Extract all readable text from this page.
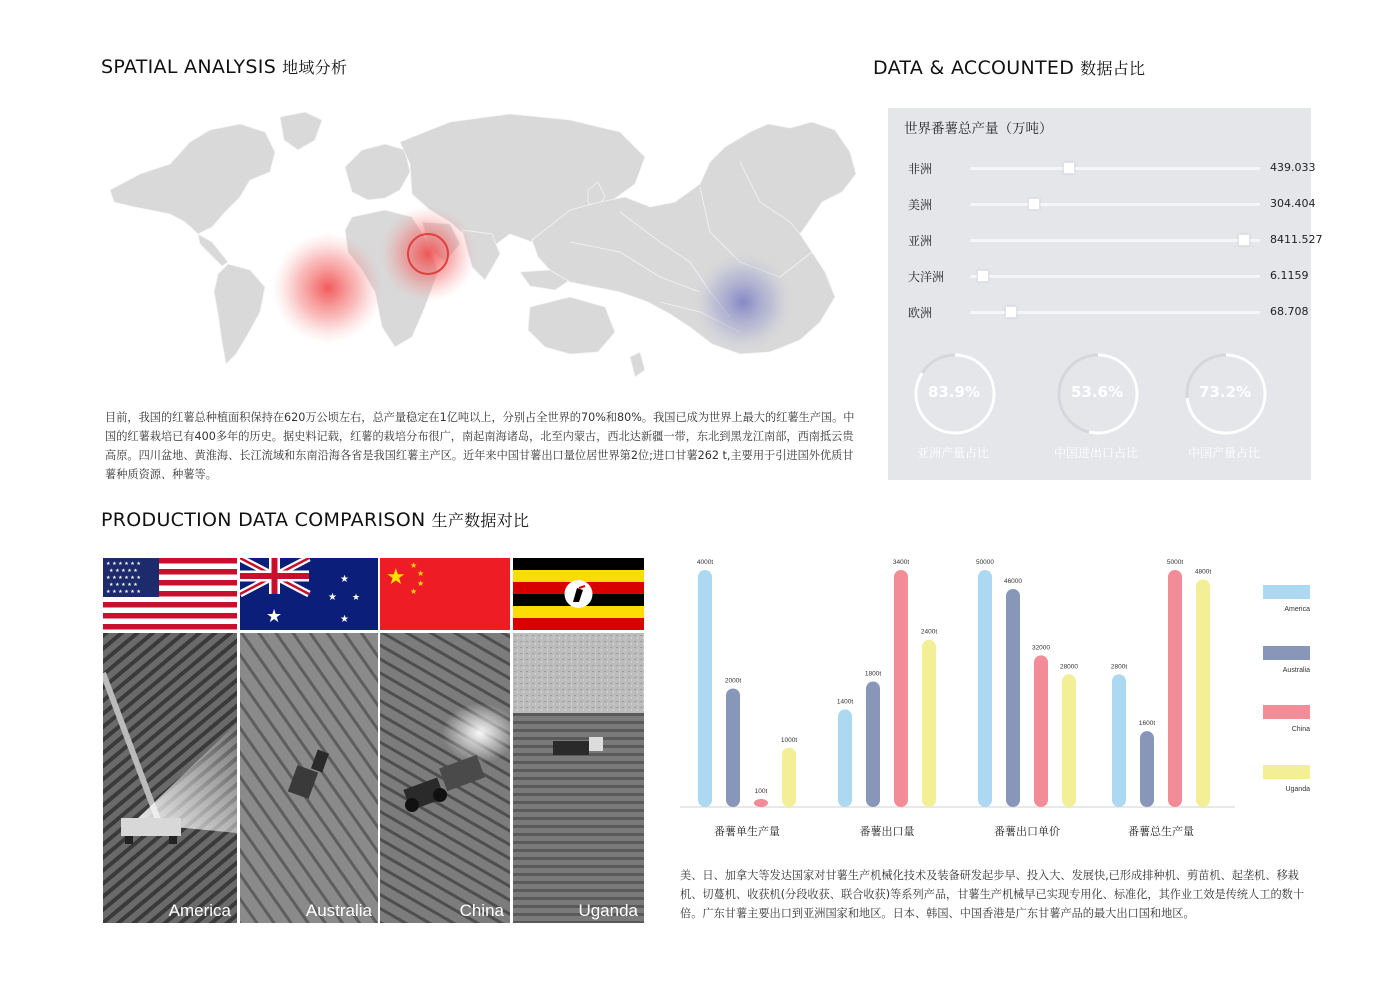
SPATIAL ANALYSIS 地域分析	DATA & ACCOUNTED 数据占比
PRODUCTION DATA COMPARISON 生产数据对比

目前，我国的红薯总种植面积保持在620万公顷左右，总产量稳定在1亿吨以上，分别占全世界的70%和80%。我国已成为世界上最大的红薯生产国。中国的红薯栽培已有400多年的历史。据史料记载，红薯的栽培分布很广，南起南海诸岛，北至内蒙古，西北达新疆一带，东北到黑龙江南部，西南抵云贵高原。四川盆地、黄淮海、长江流域和东南沿海各省是我国红薯主产区。近年来中国甘薯出口量位居世界第2位;进口甘薯262 t,主要用于引进国外优质甘薯种质资源、种薯等。

世界番薯总产量（万吨）
非洲	439.033
美洲	304.404
亚洲	8411.527
大洋洲	6.1159
欧洲	68.708
83.9%
亚洲产量占比
53.6%
中国进出口占比
73.2%
中国产量占比
★ ★ ★ ★ ★ ★
★ ★ ★ ★ ★
★ ★ ★ ★ ★ ★
★ ★ ★ ★ ★
★ ★ ★ ★ ★ ★
★
★
★ ★
★
★ ★
★
★
★
America	Australia	China	Uganda
4000t
2000t
100t
1000t
番薯单生产量
1400t
1800t
3400t
2400t
番薯出口量
50000
46000
32000
28000
番薯出口单价
2800t
1600t
5000t
4800t
番薯总生产量
America
Australia
China
Uganda

美、日、加拿大等发达国家对甘薯生产机械化技术及装备研发起步早、投入大、发展快,已形成排种机、剪苗机、起垄机、移栽机、切蔓机、收获机(分段收获、联合收获)等系列产品，甘薯生产机械早已实现专用化、标准化，其作业工效是传统人工的数十倍。广东甘薯主要出口到亚洲国家和地区。日本、韩国、中国香港是广东甘薯产品的最大出口国和地区。
